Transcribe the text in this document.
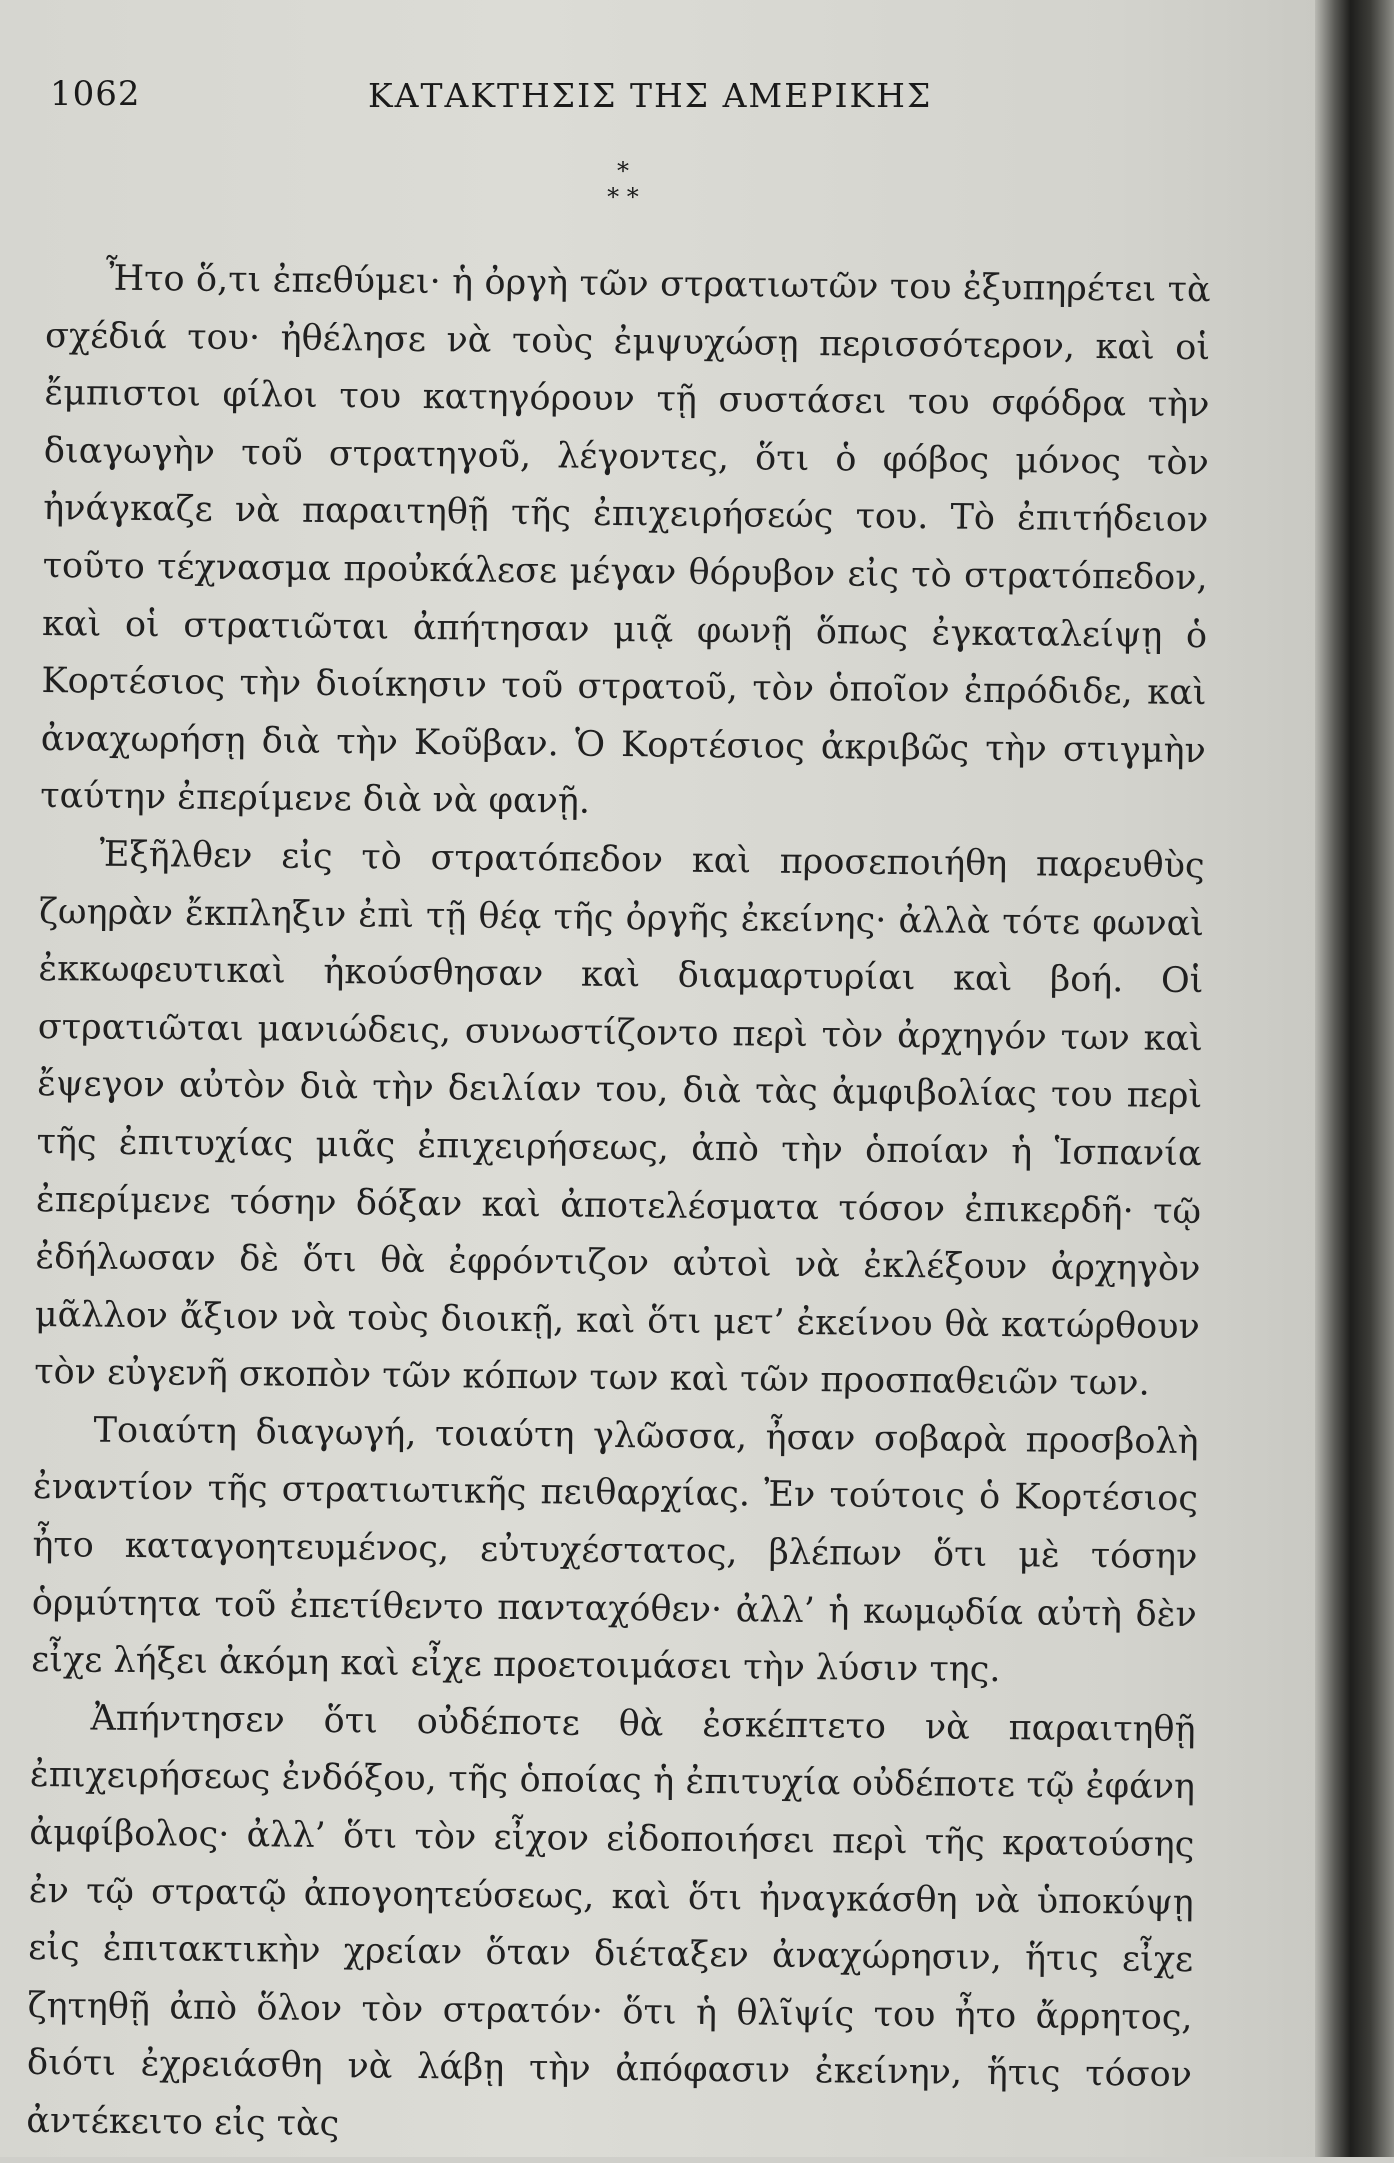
1062	ΚΑΤΑΚΤΗΣΙΣ ΤΗΣ ΑΜΕΡΙΚΗΣ
*
* *

Ἦτο ὅ,τι ἐπεθύμει· ἡ ὀργὴ τῶν στρατιωτῶν του ἐξυπηρέτει τὰ σχέδιά του· ἠθέλησε νὰ τοὺς ἐμψυχώσῃ περισσότερον, καὶ οἱ ἔμπιστοι φίλοι του κατηγόρουν τῇ συστάσει του σφόδρα τὴν διαγωγὴν τοῦ στρατηγοῦ, λέγοντες, ὅτι ὁ φόβος μόνος τὸν ἠνάγκαζε νὰ παραιτηθῇ τῆς ἐπιχειρήσεώς του. Τὸ ἐπιτήδειον τοῦτο τέχνασμα προὐκάλεσε μέγαν θόρυβον εἰς τὸ στρατόπεδον, καὶ οἱ στρατιῶται ἀπήτησαν μιᾷ φωνῇ ὅπως ἐγκαταλείψῃ ὁ Κορτέσιος τὴν διοίκησιν τοῦ στρατοῦ, τὸν ὁποῖον ἐπρόδιδε, καὶ ἀναχωρήσῃ διὰ τὴν Κοῦβαν. Ὁ Κορτέσιος ἀκριβῶς τὴν στιγμὴν ταύτην ἐπερίμενε διὰ νὰ φανῇ.

Ἐξῆλθεν εἰς τὸ στρατόπεδον καὶ προσεποιήθη παρευθὺς ζωηρὰν ἔκπληξιν ἐπὶ τῇ θέᾳ τῆς ὀργῆς ἐκείνης· ἀλλὰ τότε φωναὶ ἐκκωφευτικαὶ ἠκούσθησαν καὶ διαμαρτυρίαι καὶ βοή. Οἱ στρατιῶται μανιώδεις, συνωστίζοντο περὶ τὸν ἀρχηγόν των καὶ ἔψεγον αὐτὸν διὰ τὴν δειλίαν του, διὰ τὰς ἀμφιβολίας του περὶ τῆς ἐπιτυχίας μιᾶς ἐπιχειρήσεως, ἀπὸ τὴν ὁποίαν ἡ Ἱσπανία ἐπερίμενε τόσην δόξαν καὶ ἀποτελέσματα τόσον ἐπικερδῆ· τῷ ἐδήλωσαν δὲ ὅτι θὰ ἐφρόντιζον αὐτοὶ νὰ ἐκλέξουν ἀρχηγὸν μᾶλλον ἄξιον νὰ τοὺς διοικῇ, καὶ ὅτι μετ’ ἐκείνου θὰ κατώρθουν τὸν εὐγενῆ σκοπὸν τῶν κόπων των καὶ τῶν προσπαθειῶν των.

Τοιαύτη διαγωγή, τοιαύτη γλῶσσα, ἦσαν σοβαρὰ προσβολὴ ἐναντίον τῆς στρατιωτικῆς πειθαρχίας. Ἐν τούτοις ὁ Κορτέσιος ἦτο καταγοητευμένος, εὐτυχέστατος, βλέπων ὅτι μὲ τόσην ὁρμύτητα τοῦ ἐπετίθεντο πανταχόθεν· ἀλλ’ ἡ κωμῳδία αὐτὴ δὲν εἶχε λήξει ἀκόμη καὶ εἶχε προετοιμάσει τὴν λύσιν της.

Ἀπήντησεν ὅτι οὐδέποτε θὰ ἐσκέπτετο νὰ παραιτηθῇ ἐπιχειρήσεως ἐνδόξου, τῆς ὁποίας ἡ ἐπιτυχία οὐδέποτε τῷ ἐφάνη ἀμφίβολος· ἀλλ’ ὅτι τὸν εἶχον εἰδοποιήσει περὶ τῆς κρατούσης ἐν τῷ στρατῷ ἀπογοητεύσεως, καὶ ὅτι ἠναγκάσθη νὰ ὑποκύψῃ εἰς ἐπιτακτικὴν χρείαν ὅταν διέταξεν ἀναχώρησιν, ἥτις εἶχε ζητηθῇ ἀπὸ ὅλον τὸν στρατόν· ὅτι ἡ θλῖψίς του ἦτο ἄρρητος, διότι ἐχρειάσθη νὰ λάβῃ τὴν ἀπόφασιν ἐκείνην, ἥτις τόσον ἀντέκειτο εἰς τὰς
